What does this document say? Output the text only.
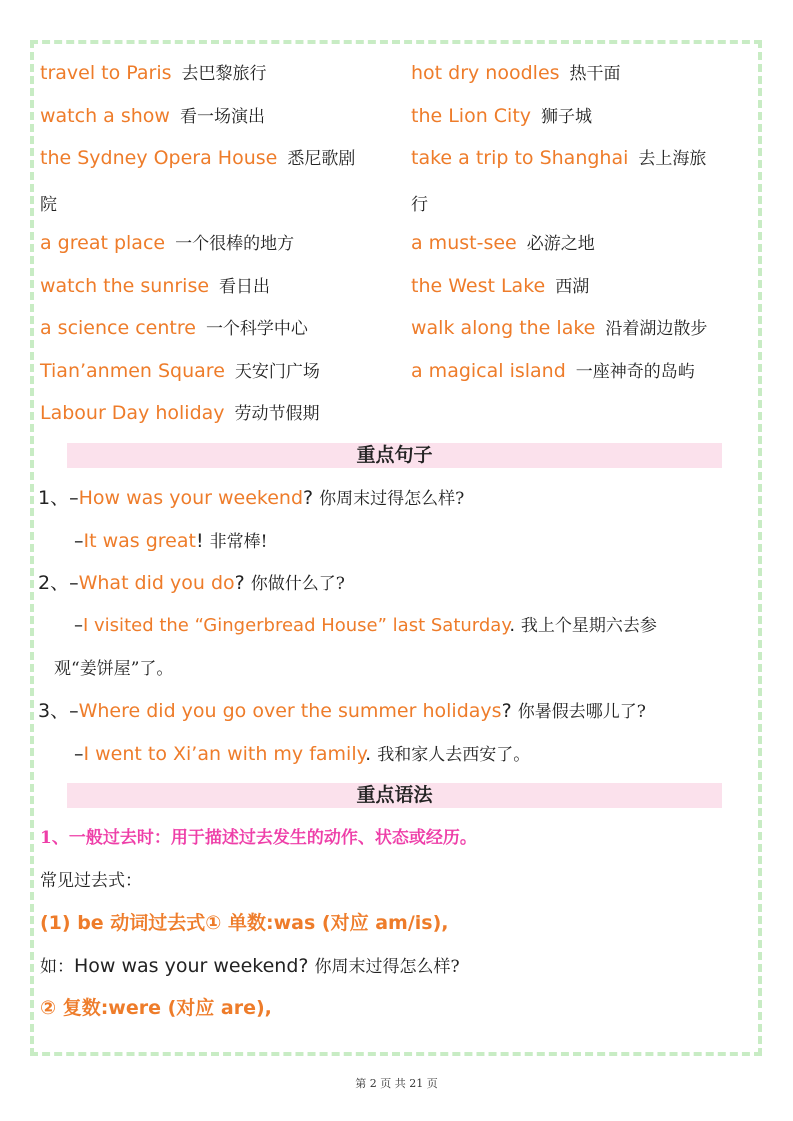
travel to Paris 去巴黎旅行
watch a show 看一场演出
the Sydney Opera House 悉尼歌剧
院
a great place 一个很棒的地方
watch the sunrise 看日出
a science centre 一个科学中心
Tian’anmen Square 天安门广场
Labour Day holiday 劳动节假期
hot dry noodles 热干面
the Lion City 狮子城
take a trip to Shanghai 去上海旅
行
a must-see 必游之地
the West Lake 西湖
walk along the lake 沿着湖边散步
a magical island 一座神奇的岛屿
重点句子
1、–How was your weekend? 你周末过得怎么样?
–It was great! 非常棒!
2、–What did you do? 你做什么了?
–I visited the “Gingerbread House” last Saturday. 我上个星期六去参
观“姜饼屋”了。
3、–Where did you go over the summer holidays? 你暑假去哪儿了?
–I went to Xi’an with my family. 我和家人去西安了。
重点语法
1、一般过去时：用于描述过去发生的动作、状态或经历。
常见过去式：
(1) be 动词过去式① 单数:was (对应 am/is),
如：How was your weekend? 你周末过得怎么样?
② 复数:were (对应 are),
第 2 页 共 21 页
